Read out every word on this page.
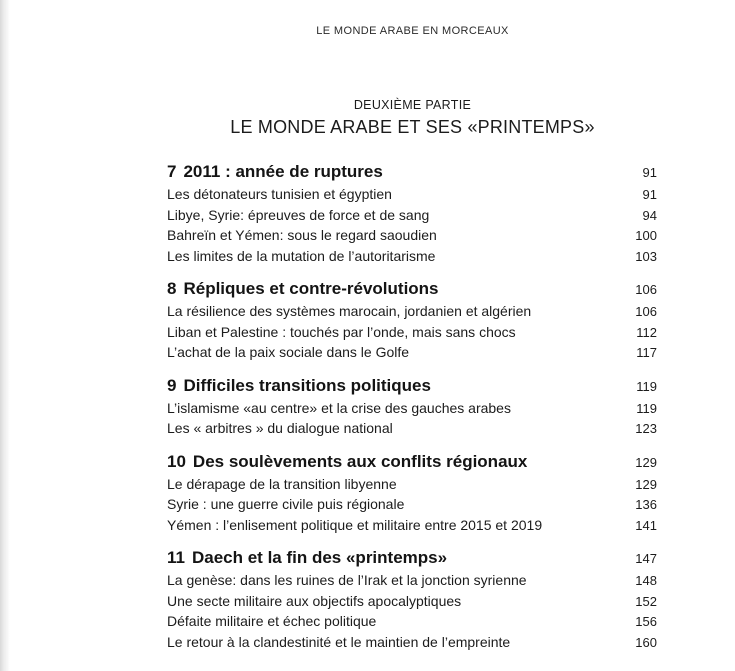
LE MONDE ARABE EN MORCEAUX
DEUXIÈME PARTIE
LE MONDE ARABE ET SES «PRINTEMPS»
7 2011 : année de ruptures	91
Les détonateurs tunisien et égyptien	91
Libye, Syrie: épreuves de force et de sang	94
Bahreïn et Yémen: sous le regard saoudien	100
Les limites de la mutation de l’autoritarisme	103
8 Répliques et contre-révolutions	106
La résilience des systèmes marocain, jordanien et algérien	106
Liban et Palestine : touchés par l’onde, mais sans chocs	112
L’achat de la paix sociale dans le Golfe	117
9 Difficiles transitions politiques	119
L’islamisme «au centre» et la crise des gauches arabes	119
Les « arbitres » du dialogue national	123
10 Des soulèvements aux conflits régionaux	129
Le dérapage de la transition libyenne	129
Syrie : une guerre civile puis régionale	136
Yémen : l’enlisement politique et militaire entre 2015 et 2019	141
11 Daech et la fin des «printemps»	147
La genèse: dans les ruines de l’Irak et la jonction syrienne	148
Une secte militaire aux objectifs apocalyptiques	152
Défaite militaire et échec politique	156
Le retour à la clandestinité et le maintien de l’empreinte	160
